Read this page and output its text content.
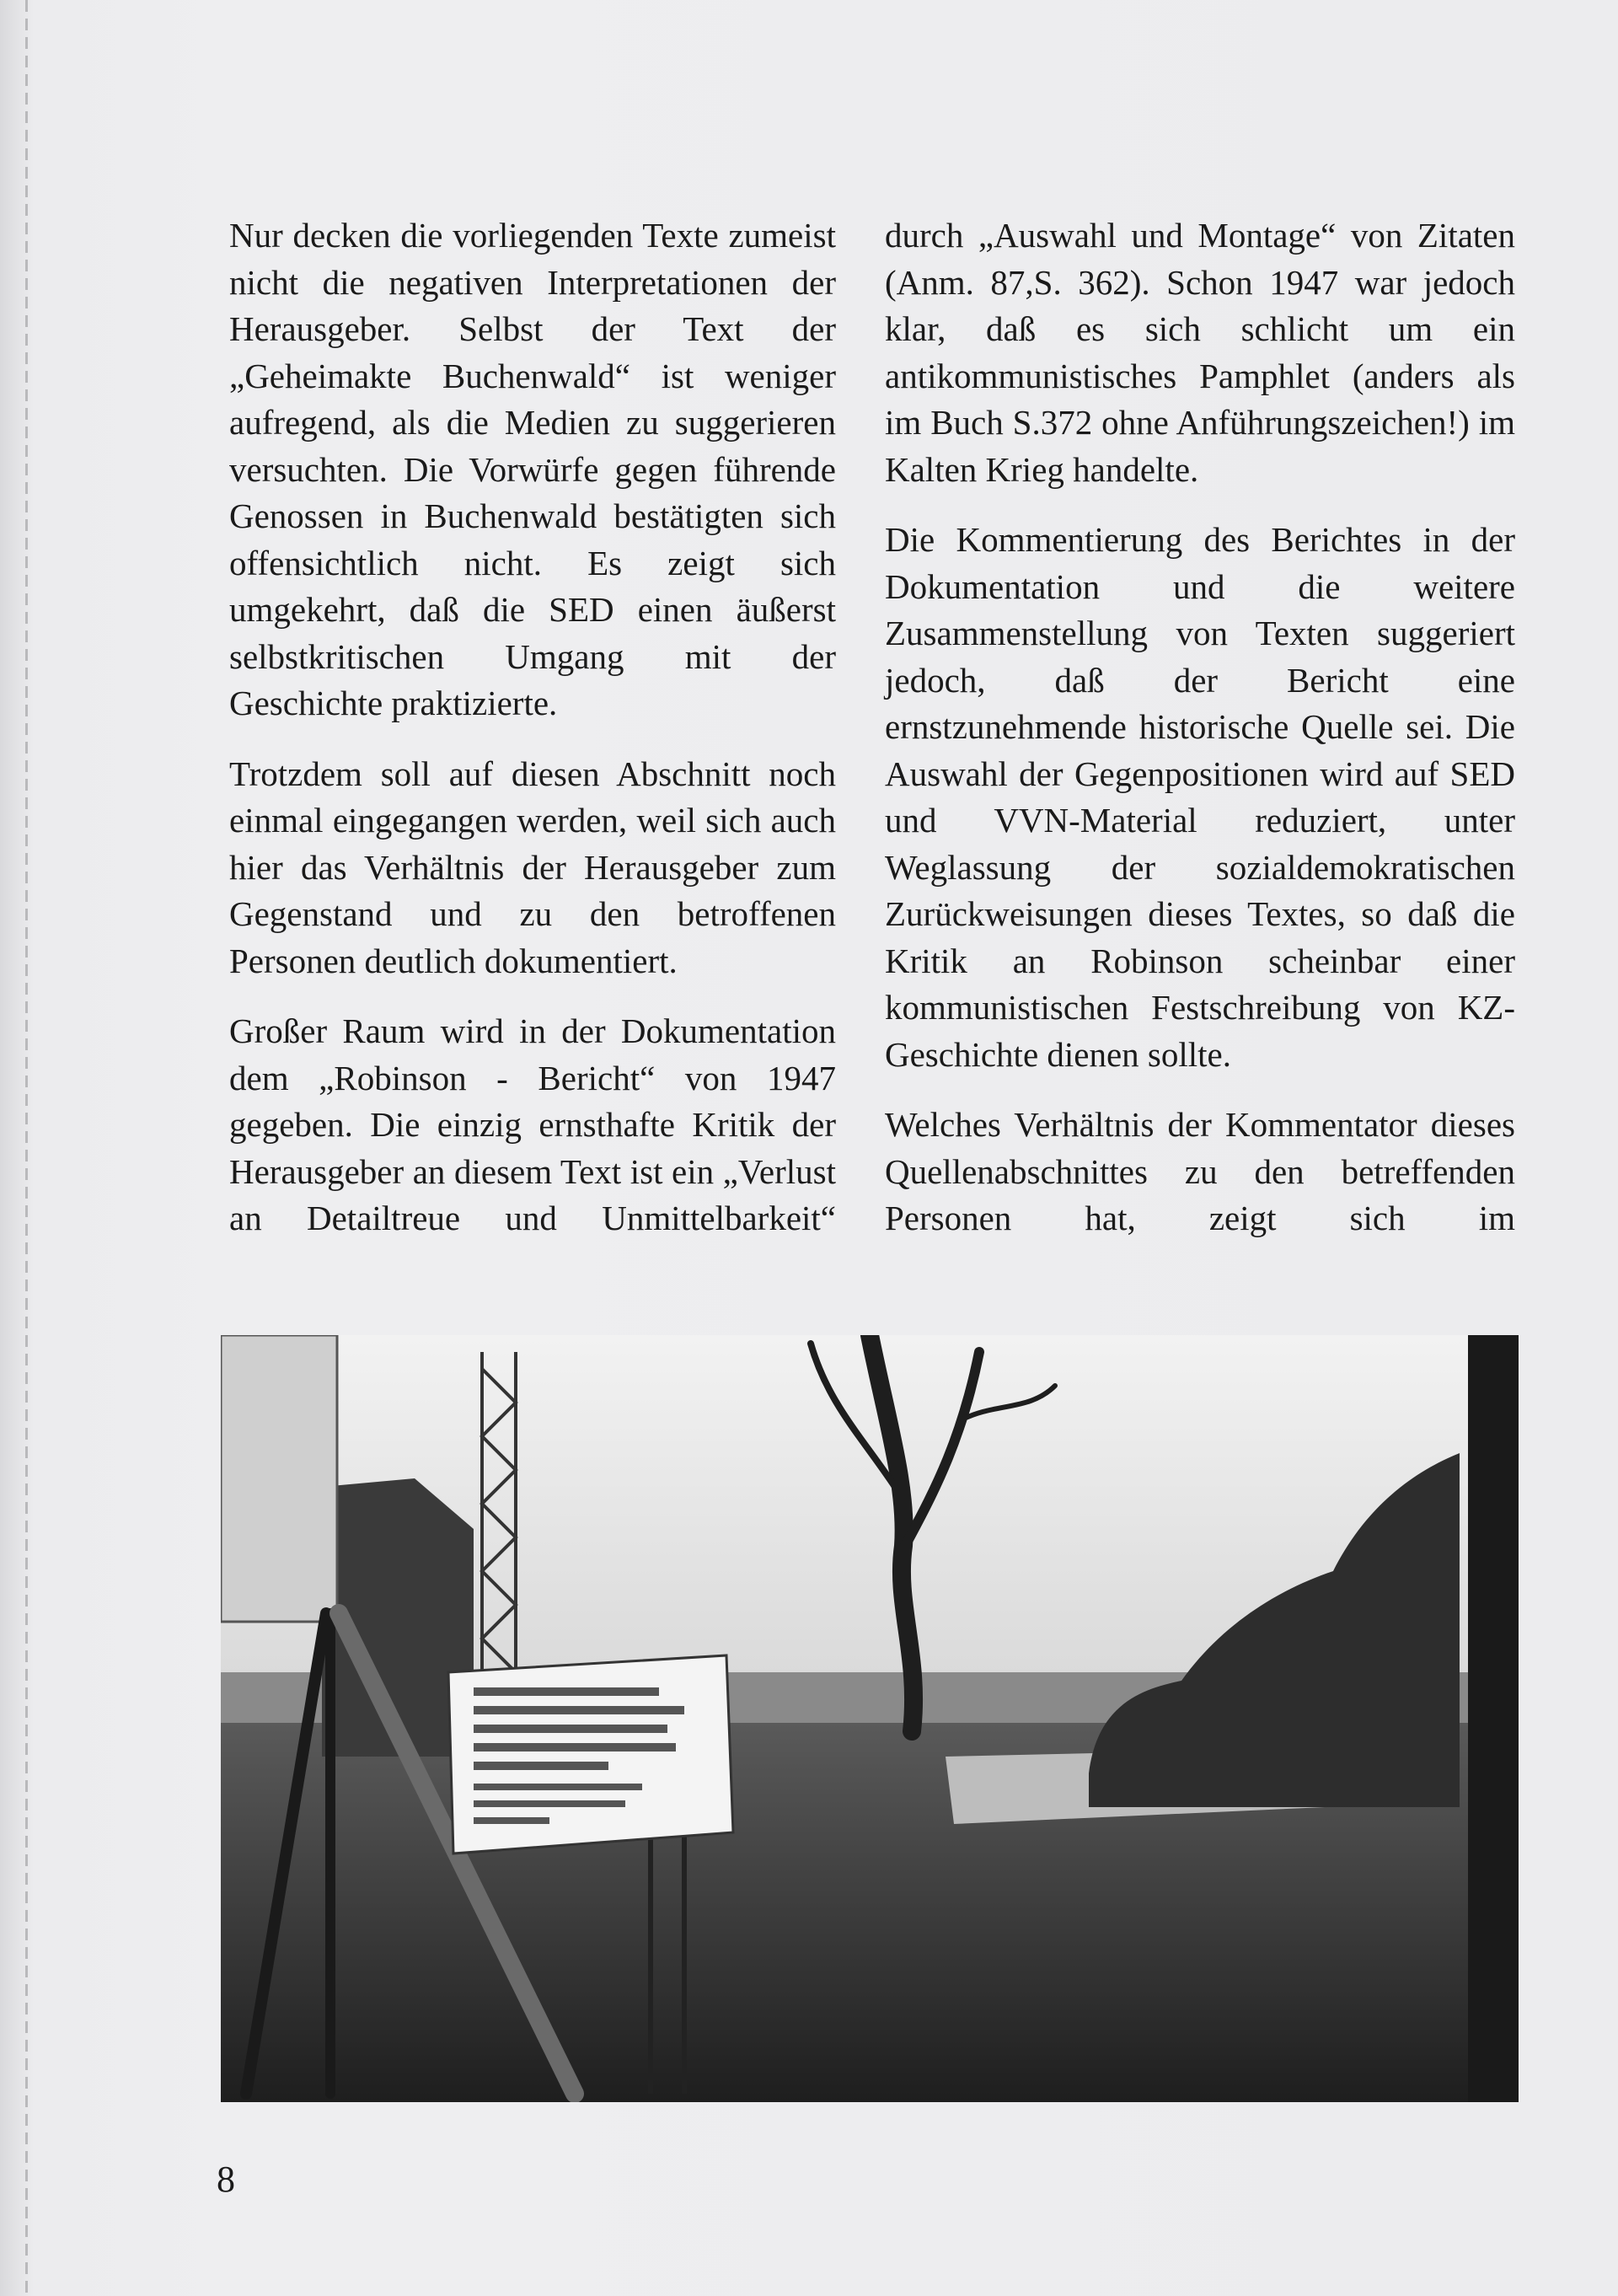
Nur decken die vorliegenden Texte zumeist nicht die negativen Interpretationen der Herausgeber. Selbst der Text der „Geheimakte Buchenwald“ ist weniger aufregend, als die Medien zu suggerieren versuchten. Die Vorwürfe gegen führende Genossen in Buchenwald bestätigten sich offensichtlich nicht. Es zeigt sich umgekehrt, daß die SED einen äußerst selbstkritischen Umgang mit der Geschichte praktizierte.

Trotzdem soll auf diesen Abschnitt noch einmal eingegangen werden, weil sich auch hier das Verhältnis der Herausgeber zum Gegenstand und zu den betroffenen Personen deutlich dokumentiert.

Großer Raum wird in der Dokumentation dem „Robinson - Bericht“ von 1947 gegeben. Die einzig ernsthafte Kritik der Herausgeber an diesem Text ist ein „Verlust an Detailtreue und Unmittelbarkeit“

durch „Auswahl und Montage“ von Zitaten (Anm. 87,S. 362). Schon 1947 war jedoch klar, daß es sich schlicht um ein antikommunistisches Pamphlet (anders als im Buch S.372 ohne Anführungszeichen!) im Kalten Krieg handelte.

Die Kommentierung des Berichtes in der Dokumentation und die weitere Zusammenstellung von Texten suggeriert jedoch, daß der Bericht eine ernstzunehmende historische Quelle sei. Die Auswahl der Gegenpositionen wird auf SED und VVN-Material reduziert, unter Weglassung der sozialdemokratischen Zurückweisungen dieses Textes, so daß die Kritik an Robinson scheinbar einer kommunistischen Festschreibung von KZ-Geschichte dienen sollte.

Welches Verhältnis der Kommentator dieses Quellenabschnittes zu den betreffenden Personen hat, zeigt sich im

8
